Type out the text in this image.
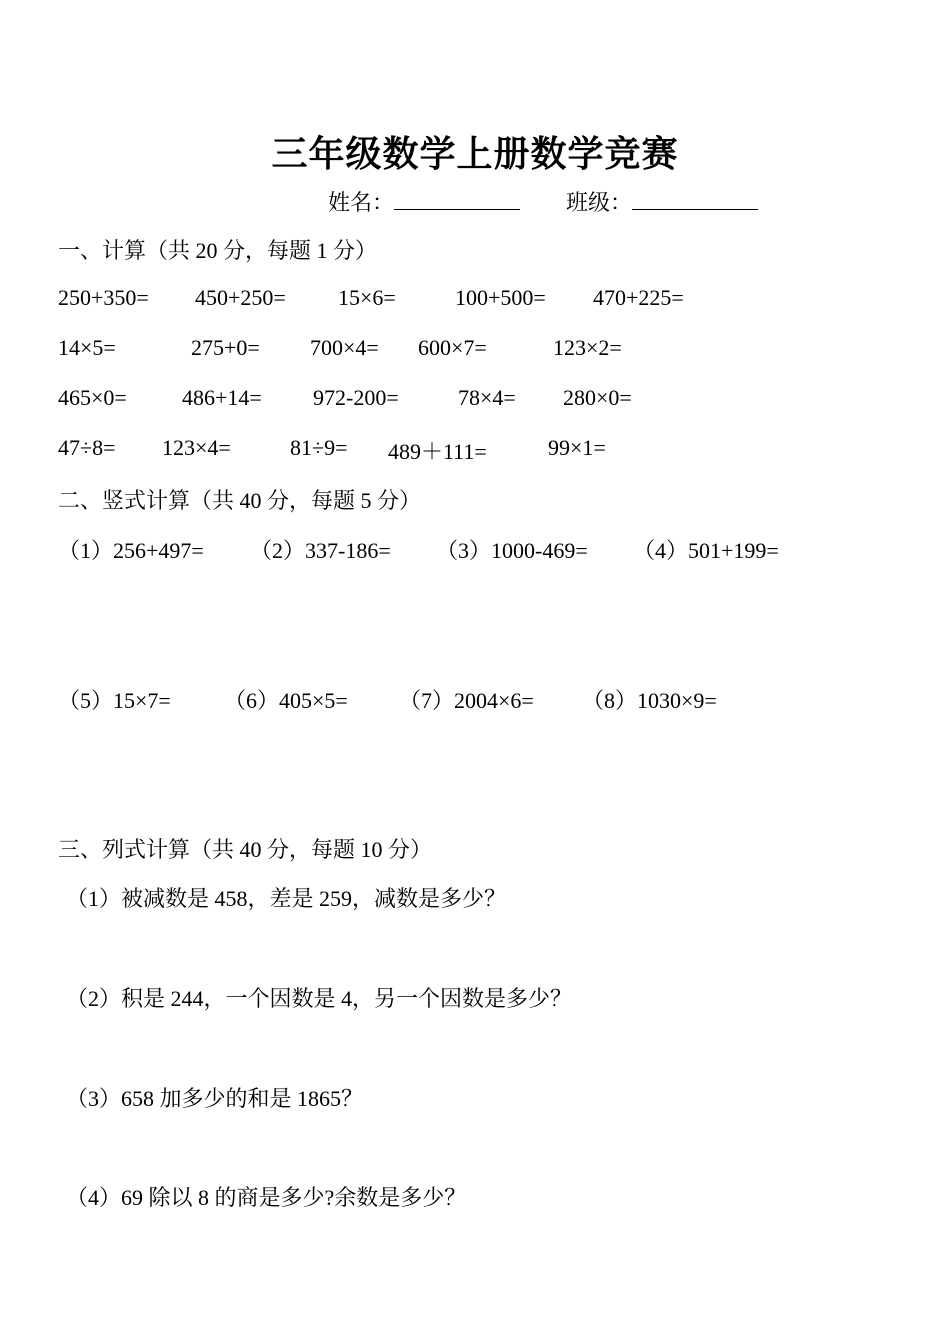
三年级数学上册数学竞赛
姓名：	班级：
一、计算（共 20 分，每题 1 分）
250+350= 450+250= 15×6=	100+500= 470+225=
14×5=	275+0= 700×4= 600×7=	123×2=
465×0=	486+14= 972-200=	78×4= 280×0=
47÷8= 123×4=	81÷9= 489＋111=	99×1=
二、竖式计算（共 40 分，每题 5 分）
（1）256+497= （2）337-186= （3）1000-469= （4）501+199=
（5）15×7= （6）405×5= （7）2004×6= （8）1030×9=
三、列式计算（共 40 分，每题 10 分）
（1）被减数是 458，差是 259，减数是多少？
（2）积是 244，一个因数是 4，另一个因数是多少？
（3）658 加多少的和是 1865？
（4）69 除以 8 的商是多少?余数是多少？
